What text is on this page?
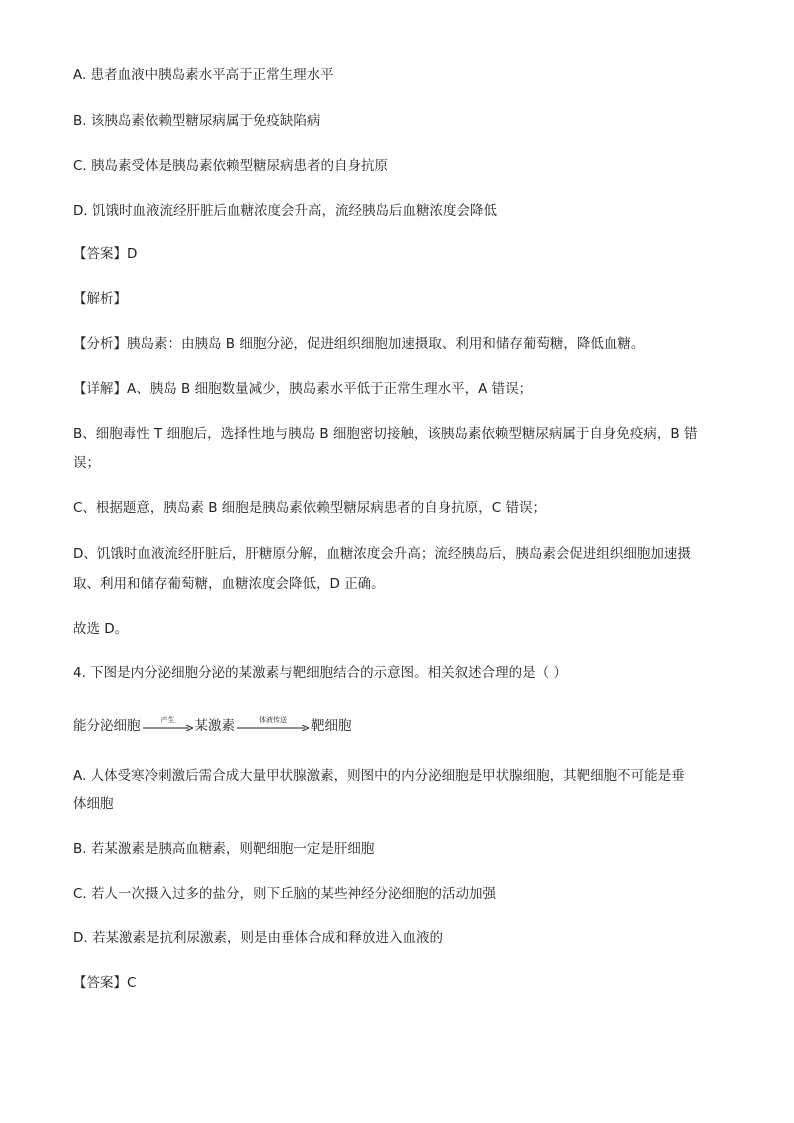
A. 患者血液中胰岛素水平高于正常生理水平
B. 该胰岛素依赖型糖尿病属于免疫缺陷病
C. 胰岛素受体是胰岛素依赖型糖尿病患者的自身抗原
D. 饥饿时血液流经肝脏后血糖浓度会升高，流经胰岛后血糖浓度会降低
【答案】D
【解析】
【分析】胰岛素：由胰岛 B 细胞分泌，促进组织细胞加速摄取、利用和储存葡萄糖，降低血糖。
【详解】A、胰岛 B 细胞数量减少，胰岛素水平低于正常生理水平，A 错误；
B、细胞毒性 T 细胞后，选择性地与胰岛 B 细胞密切接触，该胰岛素依赖型糖尿病属于自身免疫病，B 错
误；
C、根据题意，胰岛素 B 细胞是胰岛素依赖型糖尿病患者的自身抗原，C 错误；
D、饥饿时血液流经肝脏后，肝糖原分解，血糖浓度会升高；流经胰岛后，胰岛素会促进组织细胞加速摄
取、利用和储存葡萄糖，血糖浓度会降低，D 正确。
故选 D。
4. 下图是内分泌细胞分泌的某激素与靶细胞结合的示意图。相关叙述合理的是（ ）
能分泌细胞	产生	某激素	体液传送	靶细胞
A. 人体受寒冷刺激后需合成大量甲状腺激素，则图中的内分泌细胞是甲状腺细胞，其靶细胞不可能是垂
体细胞
B. 若某激素是胰高血糖素，则靶细胞一定是肝细胞
C. 若人一次摄入过多的盐分，则下丘脑的某些神经分泌细胞的活动加强
D. 若某激素是抗利尿激素，则是由垂体合成和释放进入血液的
【答案】C
